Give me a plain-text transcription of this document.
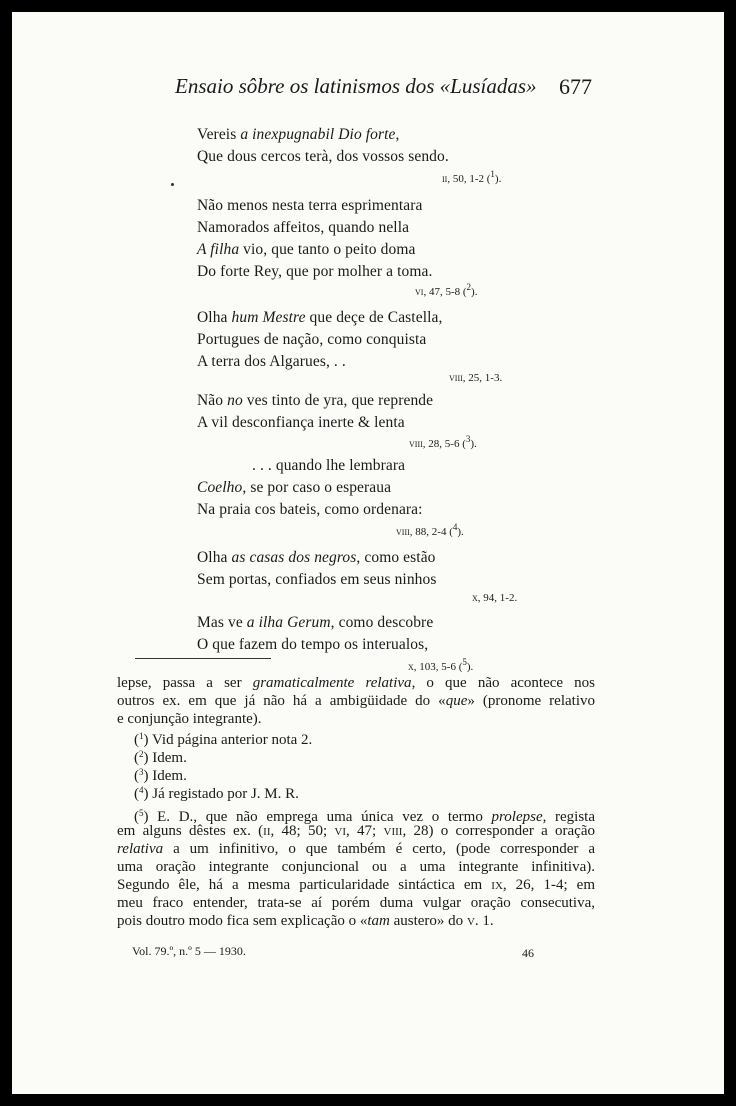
Ensaio sôbre os latinismos dos «Lusíadas» 677
Vereis a inexpugnabil Dio forte,
Que dous cercos terà, dos vossos sendo.
ii, 50, 1-2 ($^1$).
Não menos nesta terra esprimentara
Namorados affeitos, quando nella
A filha vio, que tanto o peito doma
Do forte Rey, que por molher a toma.
vi, 47, 5-8 ($^2$).
Olha hum Mestre que deçe de Castella,
Portugues de nação, como conquista
A terra dos Algarues, . .
viii, 25, 1-3.
Não no ves tinto de yra, que reprende
A vil desconfiança inerte & lenta
viii, 28, 5-6 ($^3$).
. . . quando lhe lembrara
Coelho, se por caso o esperaua
Na praia cos bateis, como ordenara:
viii, 88, 2-4 ($^4$).
Olha as casas dos negros, como estão
Sem portas, confiados em seus ninhos
x, 94, 1-2.
Mas ve a ilha Gerum, como descobre
O que fazem do tempo os interualos,
x, 103, 5-6 ($^5$).
lepse, passa a ser gramaticalmente relativa, o que não acontece nos
outros ex. em que já não há a ambigüidade do «que» (pronome relativo
e conjunção integrante).
($^1$) Vid página anterior nota 2.
($^2$) Idem.
($^3$) Idem.
($^4$) Já registado por J. M. R.
($^5$) E. D., que não emprega uma única vez o termo prolepse, regista
em alguns dêstes ex. (ii, 48; 50; vi, 47; viii, 28) o corresponder a oração
relativa a um infinitivo, o que também é certo, (pode corresponder a
uma oração integrante conjuncional ou a uma integrante infinitiva).
Segundo êle, há a mesma particularidade sintáctica em ix, 26, 1-4; em
meu fraco entender, trata-se aí porém duma vulgar oração consecutiva,
pois doutro modo fica sem explicação o «tam austero» do v. 1.
Vol. 79.º, n.º 5 — 1930.	46
